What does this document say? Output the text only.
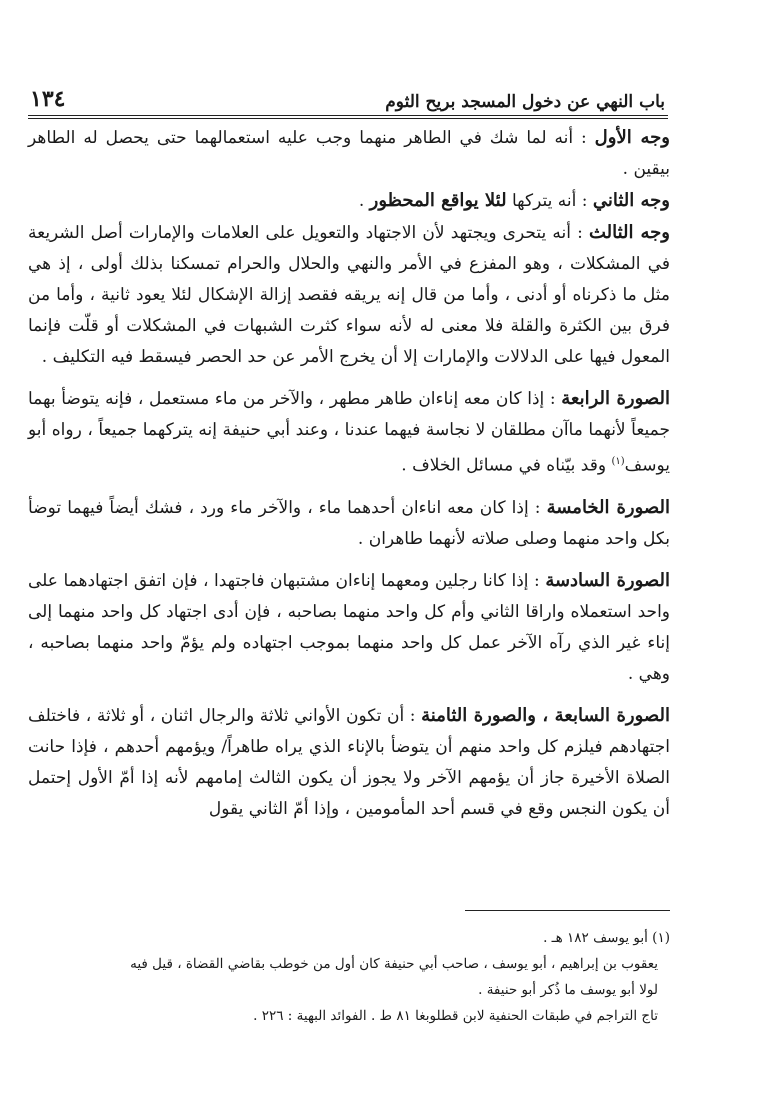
باب النهي عن دخول المسجد بريح الثوم
١٣٤

وجه الأول : أنه لما شك في الطاهر منهما وجب عليه استعمالهما حتى يحصل له الطاهر بيقين .

وجه الثاني : أنه يتركها لئلا يواقع المحظور .

وجه الثالث : أنه يتحرى ويجتهد لأن الاجتهاد والتعويل على العلامات والإمارات أصل الشريعة في المشكلات ، وهو المفزع في الأمر والنهي والحلال والحرام تمسكنا بذلك أولى ، إذ هي مثل ما ذكرناه أو أدنى ، وأما من قال إنه يريقه فقصد إزالة الإشكال لئلا يعود ثانية ، وأما من فرق بين الكثرة والقلة فلا معنى له لأنه سواء كثرت الشبهات في المشكلات أو قلّت فإنما المعول فيها على الدلالات والإمارات إلا أن يخرج الأمر عن حد الحصر فيسقط فيه التكليف .

الصورة الرابعة : إذا كان معه إناءان طاهر مطهر ، والآخر من ماء مستعمل ، فإنه يتوضأ بهما جميعاً لأنهما ماآن مطلقان لا نجاسة فيهما عندنا ، وعند أبي حنيفة إنه يتركهما جميعاً ، رواه أبو يوسف$^{(١)}$ وقد بيّناه في مسائل الخلاف .

الصورة الخامسة : إذا كان معه اناءان أحدهما ماء ، والآخر ماء ورد ، فشك أيضاً فيهما توضأ بكل واحد منهما وصلى صلاته لأنهما طاهران .

الصورة السادسة : إذا كانا رجلين ومعهما إناءان مشتبهان فاجتهدا ، فإن اتفق اجتهادهما على واحد استعملاه واراقا الثاني وأم كل واحد منهما بصاحبه ، فإن أدى اجتهاد كل واحد منهما إلى إناء غير الذي رآه الآخر عمل كل واحد منهما بموجب اجتهاده ولم يؤمّ واحد منهما بصاحبه ، وهي .

الصورة السابعة ، والصورة الثامنة : أن تكون الأواني ثلاثة والرجال اثنان ، أو ثلاثة ، فاختلف اجتهادهم فيلزم كل واحد منهم أن يتوضأ بالإناء الذي يراه طاهراً/ ويؤمهم أحدهم ، فإذا حانت الصلاة الأخيرة جاز أن يؤمهم الآخر ولا يجوز أن يكون الثالث إمامهم لأنه إذا أمّ الأول إحتمل أن يكون النجس وقع في قسم أحد المأمومين ، وإذا أمّ الثاني يقول

(١) أبو يوسف ١٨٢ هـ .

يعقوب بن إبراهيم ، أبو يوسف ، صاحب أبي حنيفة كان أول من خوطب بقاضي القضاة ، قيل فيه لولا أبو يوسف ما ذُكر أبو حنيفة .

تاج التراجم في طبقات الحنفية لابن قطلوبغا ٨١ ط . الفوائد البهية : ٢٢٦ .
